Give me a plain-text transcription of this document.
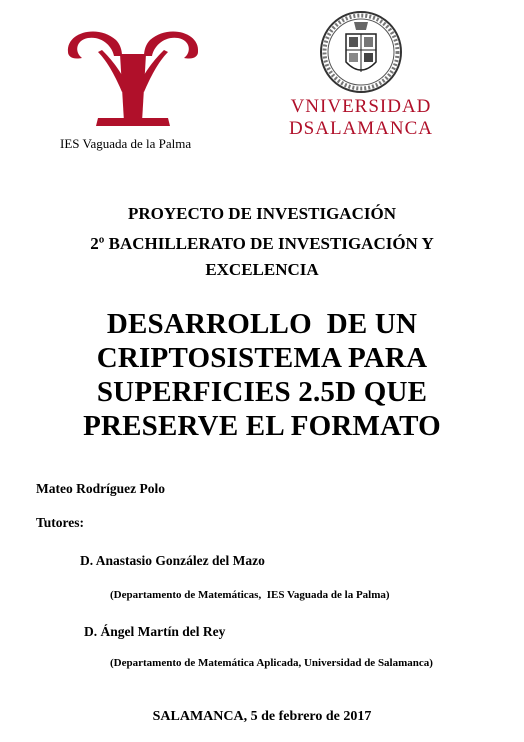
IES Vaguada de la Palma
VNIVERSIDAD
DSALAMANCA
PROYECTO DE INVESTIGACIÓN
2º BACHILLERATO DE INVESTIGACIÓN Y
EXCELENCIA
DESARROLLO  DE UN
CRIPTOSISTEMA PARA
SUPERFICIES 2.5D QUE
PRESERVE EL FORMATO
Mateo Rodríguez Polo
Tutores:
D. Anastasio González del Mazo
(Departamento de Matemáticas,  IES Vaguada de la Palma)
D. Ángel Martín del Rey
(Departamento de Matemática Aplicada, Universidad de Salamanca)
SALAMANCA, 5 de febrero de 2017
